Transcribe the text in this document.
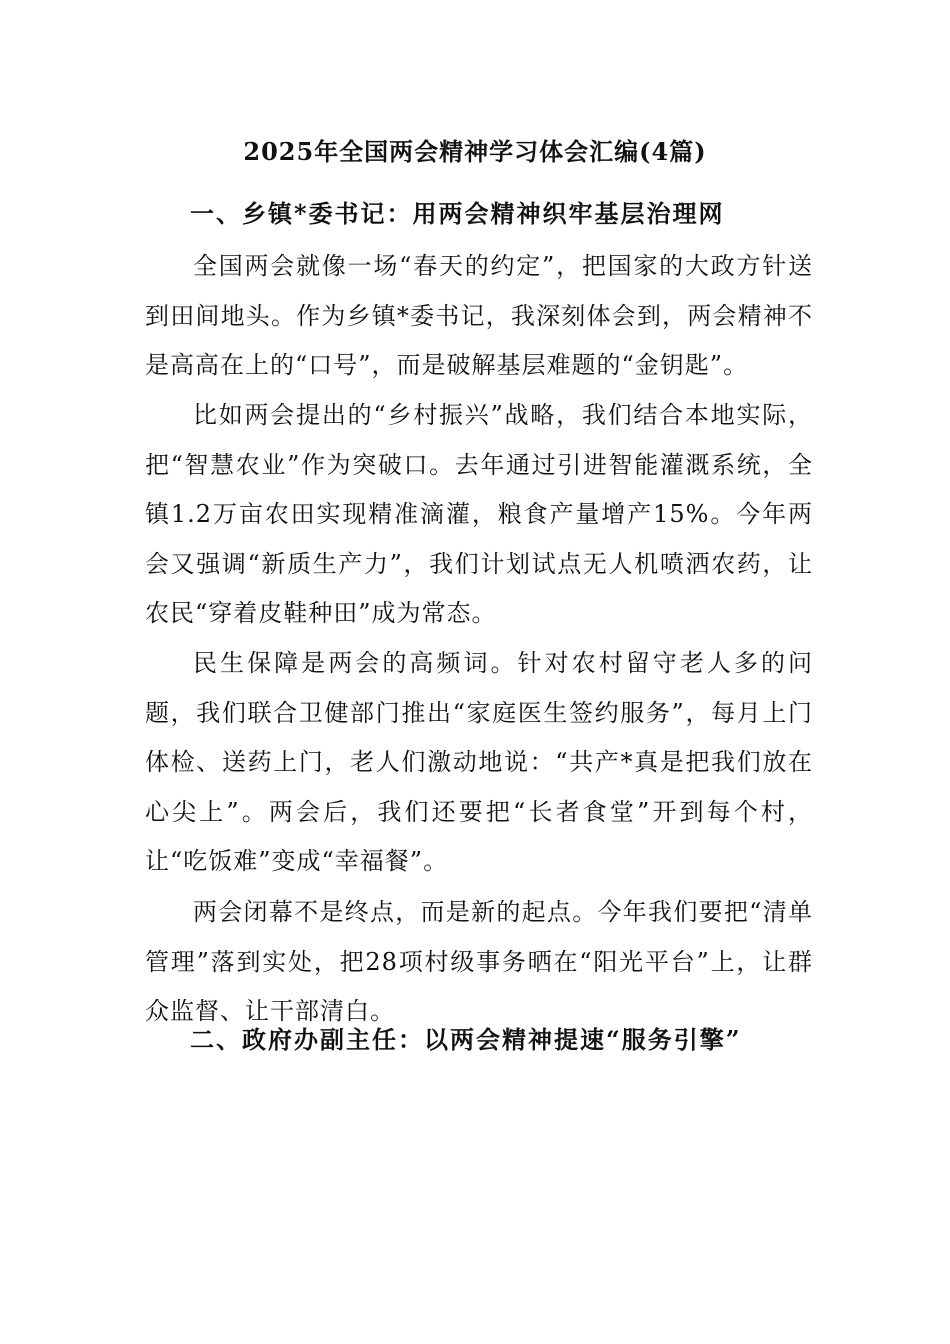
2025年全国两会精神学习体会汇编(4篇)
一、乡镇*委书记：用两会精神织牢基层治理网

全国两会就像一场“春天的约定”，把国家的大政方针送到田间地头。作为乡镇*委书记，我深刻体会到，两会精神不是高高在上的“口号”，而是破解基层难题的“金钥匙”。

比如两会提出的“乡村振兴”战略，我们结合本地实际，把“智慧农业”作为突破口。去年通过引进智能灌溉系统，全镇1.2万亩农田实现精准滴灌，粮食产量增产15%。今年两会又强调“新质生产力”，我们计划试点无人机喷洒农药，让农民“穿着皮鞋种田”成为常态。

民生保障是两会的高频词。针对农村留守老人多的问题，我们联合卫健部门推出“家庭医生签约服务”，每月上门体检、送药上门，老人们激动地说：“共产*真是把我们放在心尖上”。两会后，我们还要把“长者食堂”开到每个村，让“吃饭难”变成“幸福餐”。

两会闭幕不是终点，而是新的起点。今年我们要把“清单管理”落到实处，把28项村级事务晒在“阳光平台”上，让群众监督、让干部清白。

二、政府办副主任：以两会精神提速“服务引擎”
